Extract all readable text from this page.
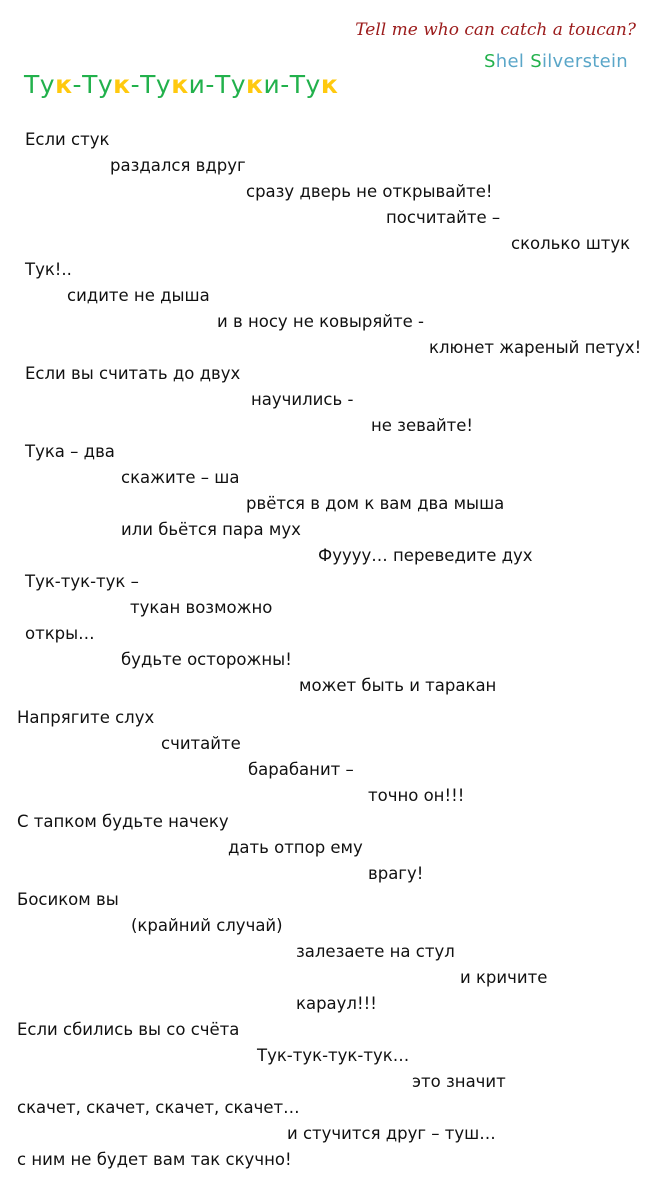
Tell me who can catch a toucan?
Shel Silverstein
Тук-Тук-Туки-Туки-Тук
Если стук
раздался вдруг
сразу дверь не открывайте!
посчитайте –
сколько штук
Тук!..
сидите не дыша
и в носу не ковыряйте -
клюнет жареный петух!
Если вы считать до двух
научились -
не зевайте!
Тука – два
скажите – ша
рвётся в дом к вам два мыша
или бьётся пара мух
Фуууу… переведите дух
Тук-тук-тук –
тукан возможно
откры…
будьте осторожны!
может быть и таракан
Напрягите слух
считайте
барабанит –
точно он!!!
С тапком будьте начеку
дать отпор ему
врагу!
Босиком вы
(крайний случай)
залезаете на стул
и кричите
караул!!!
Если сбились вы со счёта
Тук-тук-тук-тук…
это значит
скачет, скачет, скачет, скачет…
и стучится друг – туш…
с ним не будет вам так скучно!
